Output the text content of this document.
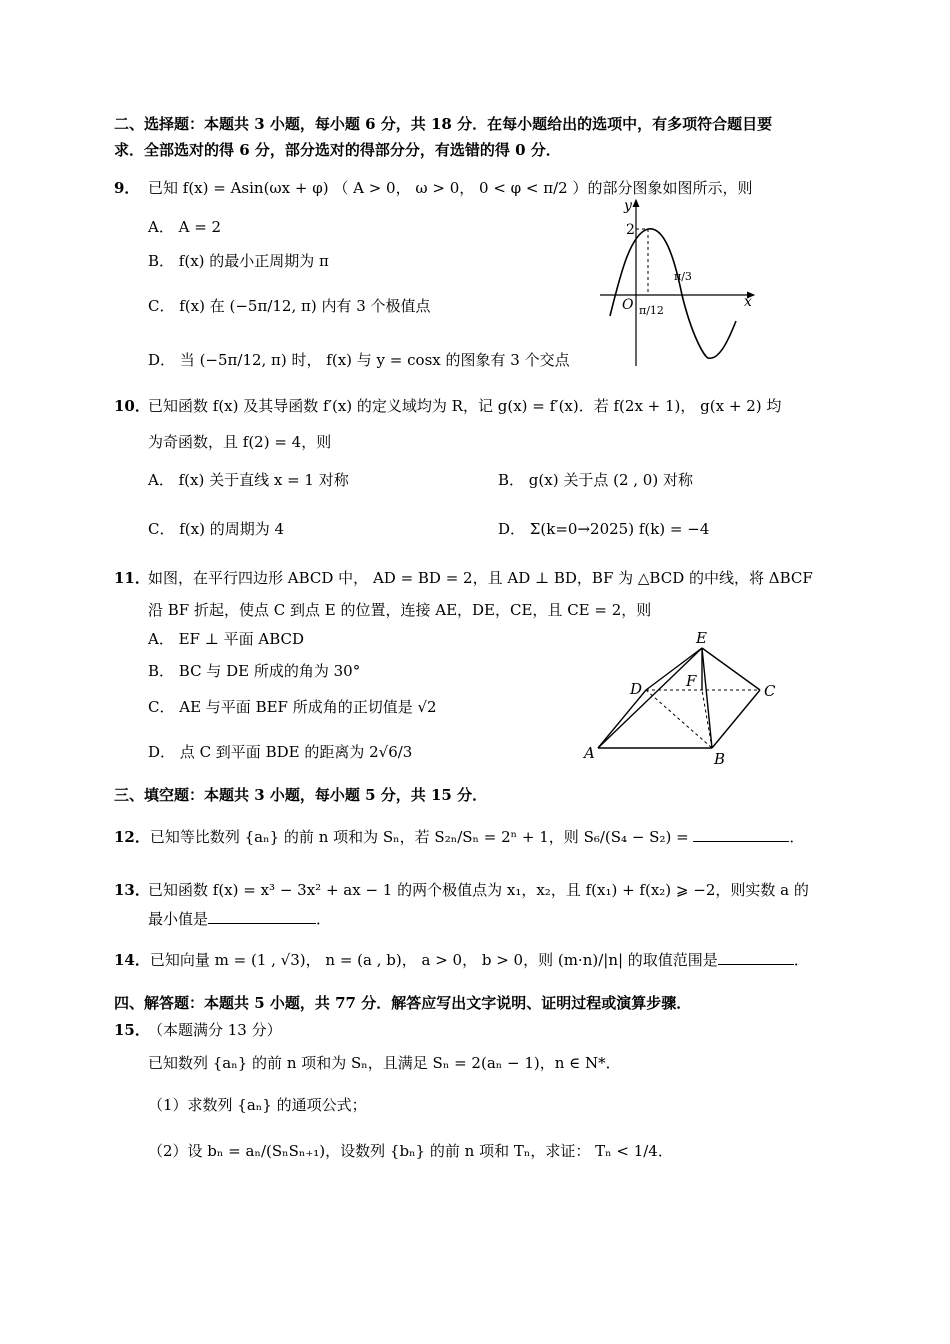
二、选择题：本题共 3 小题，每小题 6 分，共 18 分．在每小题给出的选项中，有多项符合题目要
求．全部选对的得 6 分，部分选对的得部分分，有选错的得 0 分．
9． 已知 f(x) = Asin(ωx + φ) （ A > 0， ω > 0， 0 < φ < π/2 ）的部分图象如图所示，则
A． A = 2
B． f(x) 的最小正周期为 π
C． f(x) 在 (−5π/12, π) 内有 3 个极值点
D． 当 (−5π/12, π) 时， f(x) 与 y = cosx 的图象有 3 个交点
y
x
O
2
π/12
π/3
10．
已知函数 f(x) 及其导函数 f′(x) 的定义域均为 R，记 g(x) = f′(x)．若 f(2x + 1)， g(x + 2) 均
为奇函数，且 f(2) = 4，则
A． f(x) 关于直线 x = 1 对称	B． g(x) 关于点 (2 , 0) 对称
C． f(x) 的周期为 4	D． Σ(k=0→2025) f(k) = −4
11．
如图，在平行四边形 ABCD 中， AD = BD = 2，且 AD ⊥ BD，BF 为 △BCD 的中线，将 ΔBCF
沿 BF 折起，使点 C 到点 E 的位置，连接 AE，DE，CE，且 CE = 2，则
A． EF ⊥ 平面 ABCD
B． BC 与 DE 所成的角为 30°
C． AE 与平面 BEF 所成角的正切值是 √2
D． 点 C 到平面 BDE 的距离为 2√6/3	A	B
C
D
E
F
三、填空题：本题共 3 小题，每小题 5 分，共 15 分．
12．已知等比数列 {aₙ} 的前 n 项和为 Sₙ，若 S₂ₙ/Sₙ = 2ⁿ + 1，则 S₆/(S₄ − S₂) =	．
13．
已知函数 f(x) = x³ − 3x² + ax − 1 的两个极值点为 x₁，x₂，且 f(x₁) + f(x₂) ⩾ −2，则实数 a 的
最小值是	．
14．已知向量 m = (1 , √3)， n = (a , b)， a > 0， b > 0，则 (m·n)/|n| 的取值范围是	．
四、解答题：本题共 5 小题，共 77 分．解答应写出文字说明、证明过程或演算步骤．
15．
（本题满分 13 分）
已知数列 {aₙ} 的前 n 项和为 Sₙ，且满足 Sₙ = 2(aₙ − 1)，n ∈ N*．
（1）求数列 {aₙ} 的通项公式；
（2）设 bₙ = aₙ/(SₙSₙ₊₁)，设数列 {bₙ} 的前 n 项和 Tₙ，求证： Tₙ < 1/4．
